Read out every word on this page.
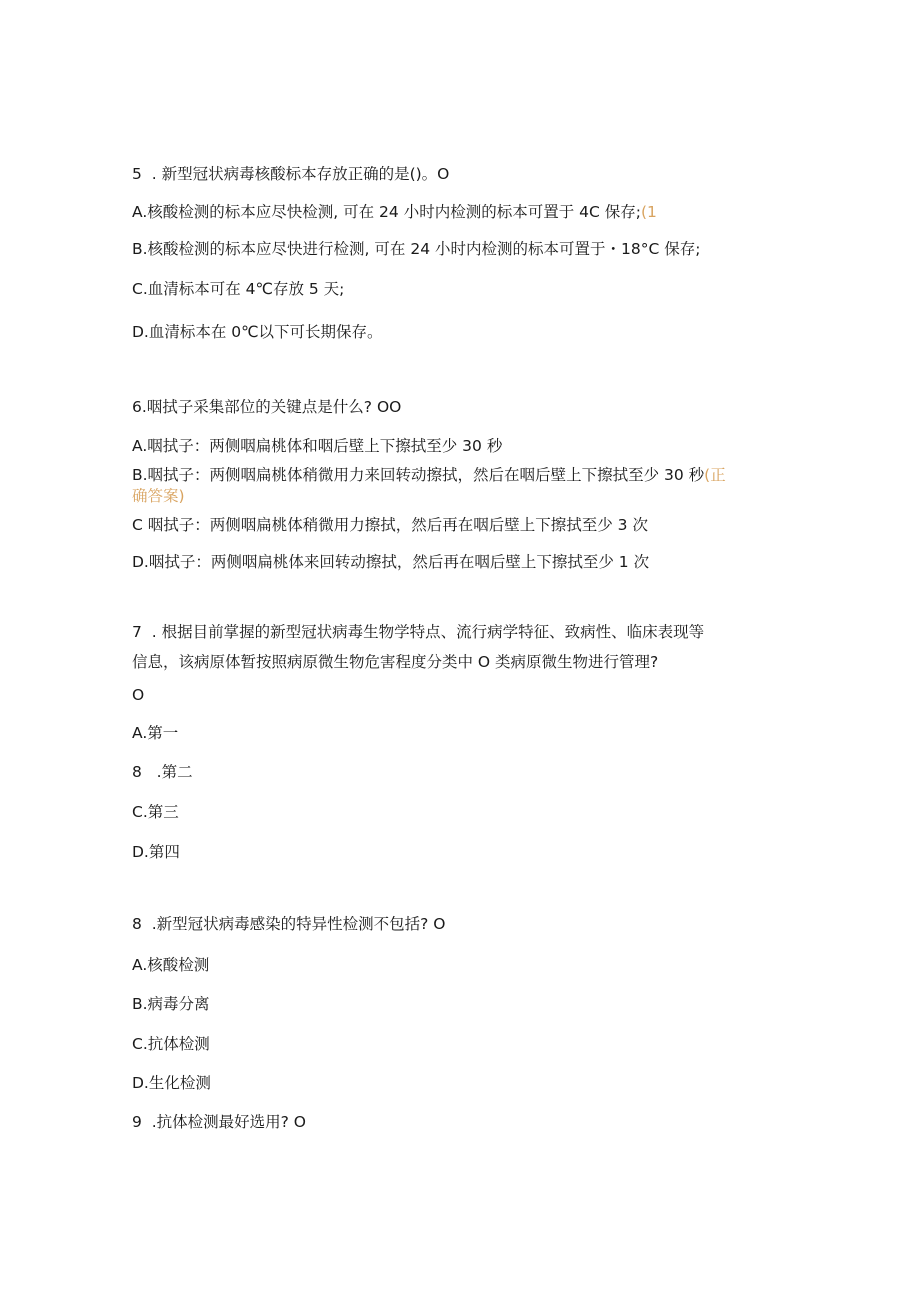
5  . 新型冠状病毒核酸标本存放正确的是()。O
A.核酸检测的标本应尽快检测, 可在 24 小时内检测的标本可置于 4C 保存;(1
B.核酸检测的标本应尽快进行检测, 可在 24 小时内检测的标本可置于・18°C 保存;
C.血清标本可在 4℃存放 5 天;
D.血清标本在 0℃以下可长期保存。
6.咽拭子采集部位的关键点是什么? OO
A.咽拭子：两侧咽扁桃体和咽后壁上下擦拭至少 30 秒
B.咽拭子：两侧咽扁桃体稍微用力来回转动擦拭，然后在咽后壁上下擦拭至少 30 秒(正
确答案)
C 咽拭子：两侧咽扁桃体稍微用力擦拭，然后再在咽后壁上下擦拭至少 3 次
D.咽拭子：两侧咽扁桃体来回转动擦拭，然后再在咽后壁上下擦拭至少 1 次
7  . 根据目前掌握的新型冠状病毒生物学特点、流行病学特征、致病性、临床表现等
信息，该病原体暂按照病原微生物危害程度分类中 O 类病原微生物进行管理?
O
A.第一
8   .第二
C.第三
D.第四
8  .新型冠状病毒感染的特异性检测不包括? O
A.核酸检测
B.病毒分离
C.抗体检测
D.生化检测
9  .抗体检测最好选用? O
